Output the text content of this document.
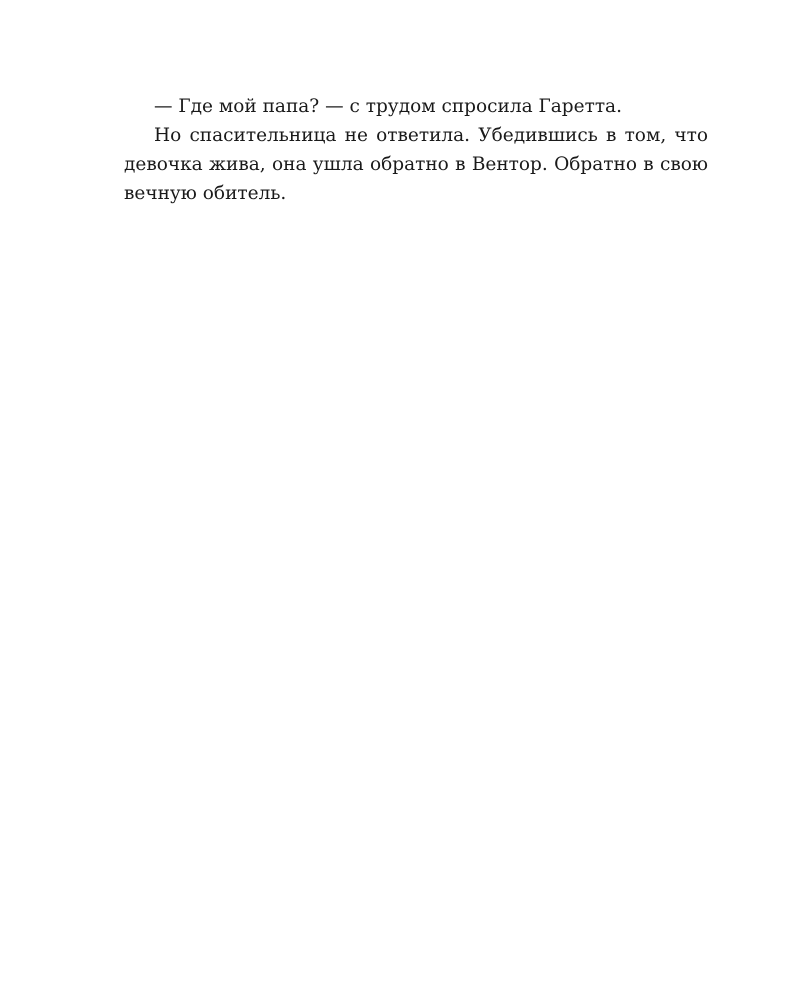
— Где мой папа? — с трудом спросила Гаретта.

Но спасительница не ответила. Убедившись в том, что девочка жива, она ушла обратно в Вентор. Обратно в свою вечную обитель.
